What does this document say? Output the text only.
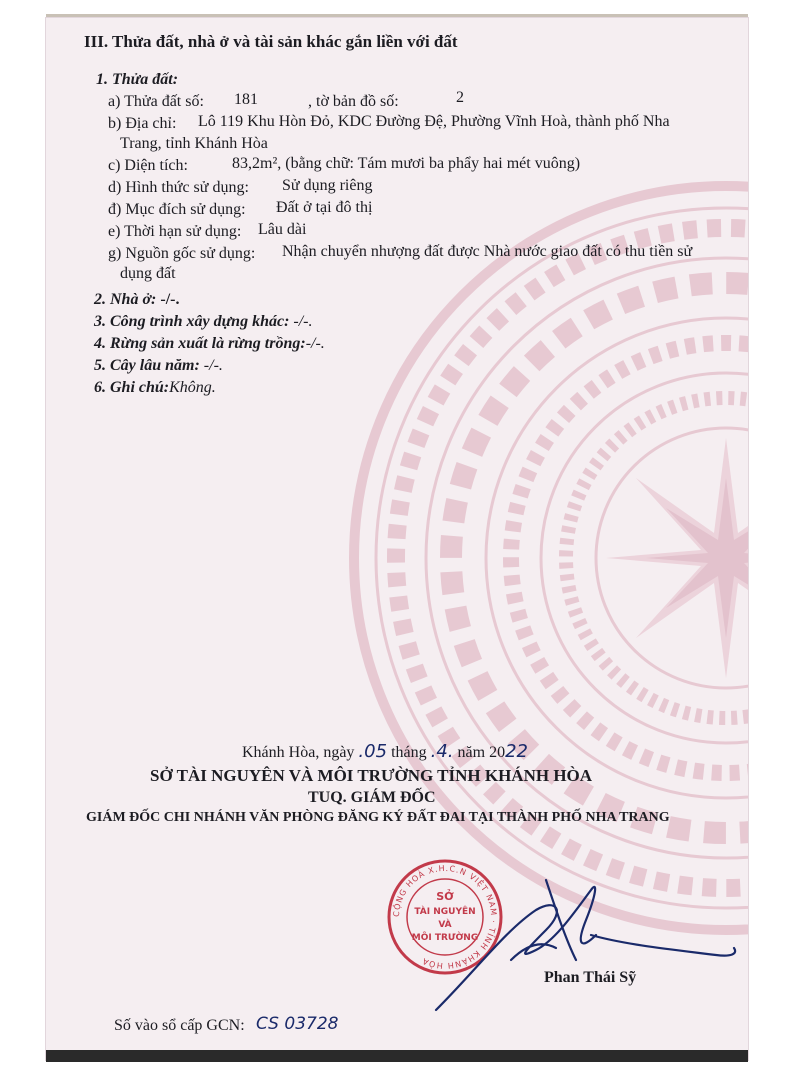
III. Thửa đất, nhà ở và tài sản khác gắn liền với đất
1. Thửa đất:
a) Thửa đất số: 181	, tờ bản đồ số:	2
b) Địa chỉ: Lô 119 Khu Hòn Đỏ, KDC Đường Đệ, Phường Vĩnh Hoà, thành phố Nha
Trang, tỉnh Khánh Hòa
c) Diện tích:	83,2m², (bằng chữ: Tám mươi ba phẩy hai mét vuông)
d) Hình thức sử dụng: Sử dụng riêng
đ) Mục đích sử dụng: Đất ở tại đô thị
e) Thời hạn sử dụng: Lâu dài
g) Nguồn gốc sử dụng: Nhận chuyển nhượng đất được Nhà nước giao đất có thu tiền sử
dụng đất
2. Nhà ở: -/-.
3. Công trình xây dựng khác: -/-.
4. Rừng sản xuất là rừng trồng:-/-.
5. Cây lâu năm: -/-.
6. Ghi chú:Không.
Khánh Hòa, ngày .05 tháng .4. năm 2022
SỞ TÀI NGUYÊN VÀ MÔI TRƯỜNG TỈNH KHÁNH HÒA
TUQ. GIÁM ĐỐC
GIÁM ĐỐC CHI NHÁNH VĂN PHÒNG ĐĂNG KÝ ĐẤT ĐAI TẠI THÀNH PHỐ NHA TRANG
CỘNG HOÀ X.H.C.N VIỆT NAM · TỈNH KHÁNH HÒA
SỞ
TÀI NGUYÊN
VÀ
MÔI TRƯỜNG
Phan Thái Sỹ
Số vào sổ cấp GCN: CS 03728
